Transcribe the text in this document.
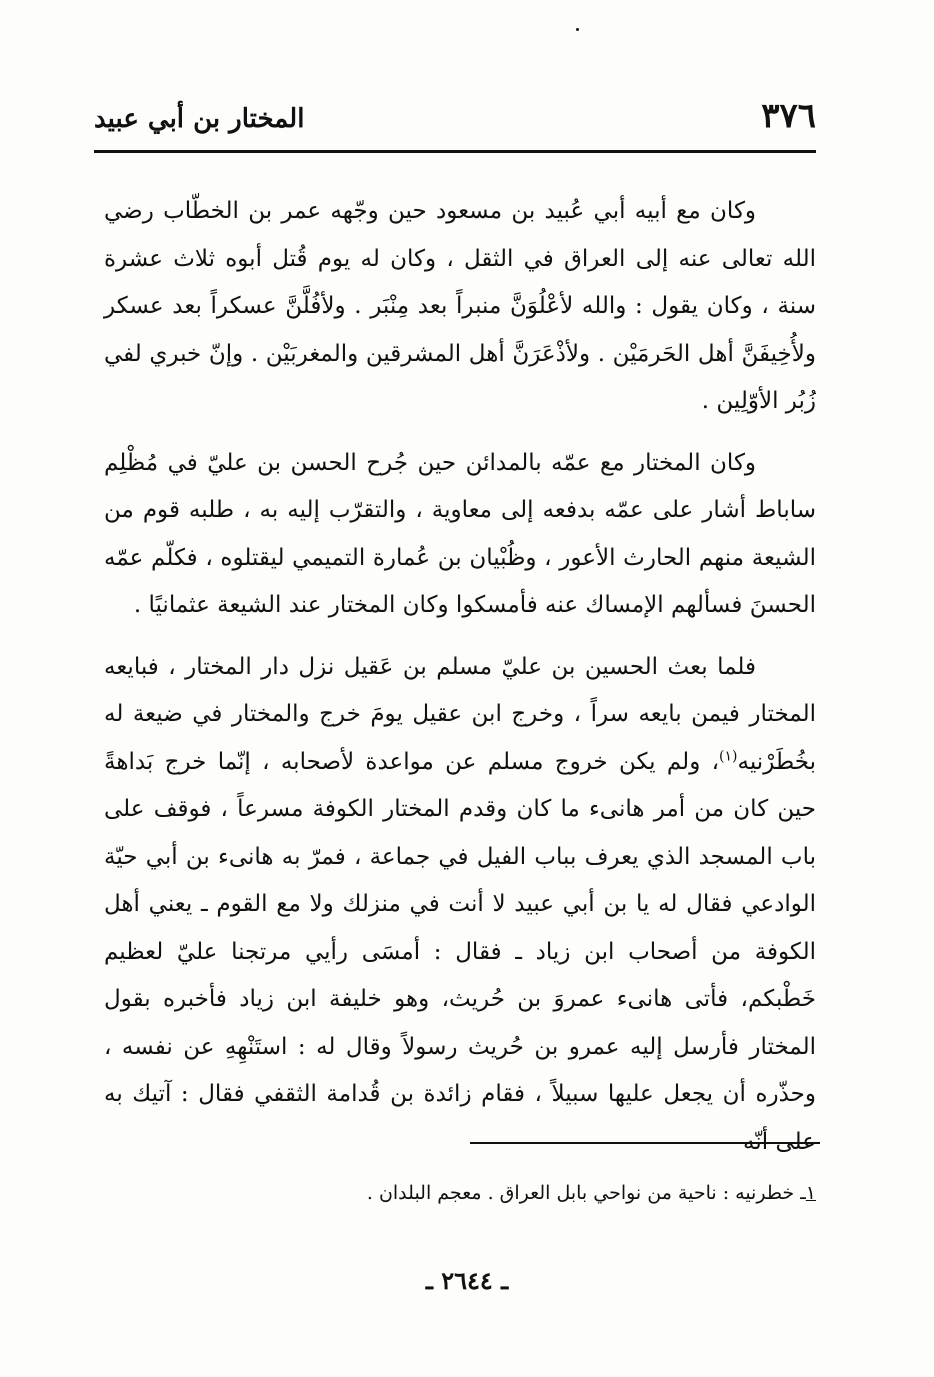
٣٧٦
المختار بن أبي عبيد

وكان مع أبيه أبي عُبيد بن مسعود حين وجّهه عمر بن الخطّاب رضي الله تعالى عنه إلى العراق في الثقل ، وكان له يوم قُتل أبوه ثلاث عشرة سنة ، وكان يقول : والله لأعْلُوَنَّ منبراً بعد مِنْبَر . ولأفُلَّنَّ عسكراً بعد عسكر ولأُخِيفَنَّ أهل الحَرمَيْن . ولأذْعَرَنَّ أهل المشرقين والمغربَيْن . وإنّ خبري لفي زُبُر الأوّلِين .

وكان المختار مع عمّه بالمدائن حين جُرح الحسن بن عليّ في مُظْلِم ساباط أشار على عمّه بدفعه إلى معاوية ، والتقرّب إليه به ، طلبه قوم من الشيعة منهم الحارث الأعور ، وظُبْيان بن عُمارة التميمي ليقتلوه ، فكلّم عمّه الحسنَ فسألهم الإمساك عنه فأمسكوا وكان المختار عند الشيعة عثمانيًا .

فلما بعث الحسين بن عليّ مسلم بن عَقيل نزل دار المختار ، فبايعه المختار فيمن بايعه سراً ، وخرج ابن عقيل يومَ خرج والمختار في ضيعة له بخُطَرْنيه$^{(١)}$، ولم يكن خروج مسلم عن مواعدة لأصحابه ، إنّما خرج بَداهةً حين كان من أمر هانىء ما كان وقدم المختار الكوفة مسرعاً ، فوقف على باب المسجد الذي يعرف بباب الفيل في جماعة ، فمرّ به هانىء بن أبي حيّة الوادعي فقال له يا بن أبي عبيد لا أنت في منزلك ولا مع القوم ـ يعني أهل الكوفة من أصحاب ابن زياد ـ فقال : أمسَى رأيي مرتجنا عليّ لعظيم خَطْبكم، فأتى هانىء عمروَ بن حُريث، وهو خليفة ابن زياد فأخبره بقول المختار فأرسل إليه عمرو بن حُريث رسولاً وقال له : استَنْهِهِ عن نفسه ، وحذّره أن يجعل عليها سبيلاً ، فقام زائدة بن قُدامة الثقفي فقال : آتيك به على أنّه

١ـ خطرنيه : ناحية من نواحي بابل العراق . معجم البلدان .
ـ ٢٦٤٤ ـ
